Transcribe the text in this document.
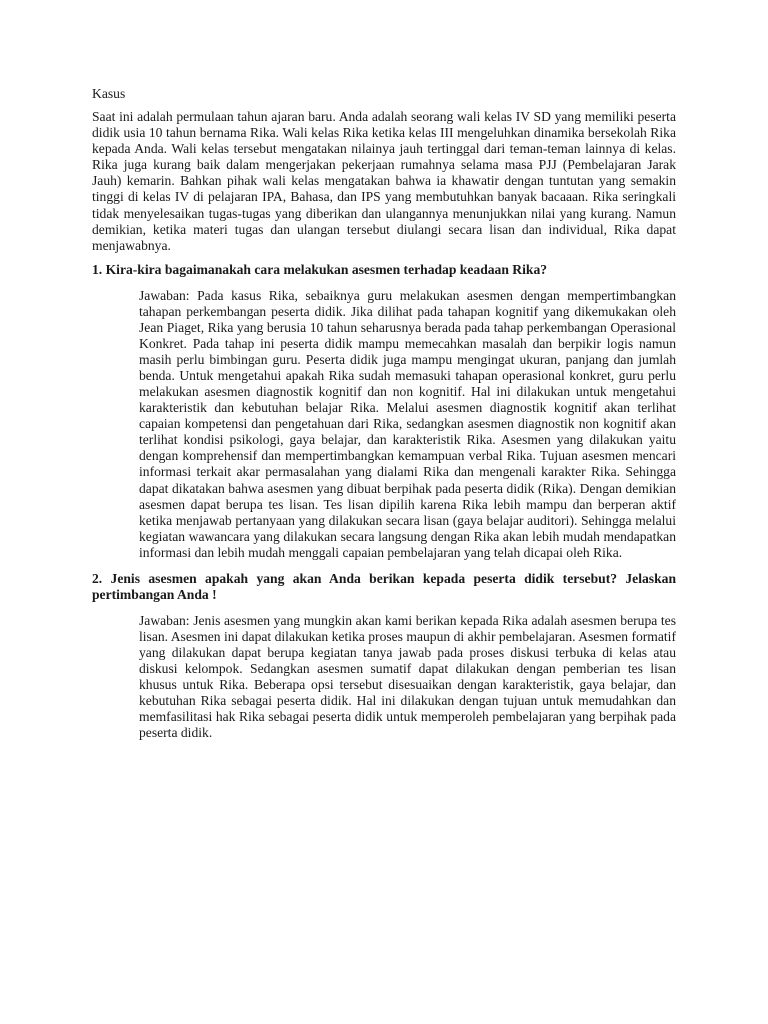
Kasus

Saat ini adalah permulaan tahun ajaran baru. Anda adalah seorang wali kelas IV SD yang memiliki peserta didik usia 10 tahun bernama Rika. Wali kelas Rika ketika kelas III mengeluhkan dinamika bersekolah Rika kepada Anda. Wali kelas tersebut mengatakan nilainya jauh tertinggal dari teman-teman lainnya di kelas. Rika juga kurang baik dalam mengerjakan pekerjaan rumahnya selama masa PJJ (Pembelajaran Jarak Jauh) kemarin. Bahkan pihak wali kelas mengatakan bahwa ia khawatir dengan tuntutan yang semakin tinggi di kelas IV di pelajaran IPA, Bahasa, dan IPS yang membutuhkan banyak bacaaan. Rika seringkali tidak menyelesaikan tugas-tugas yang diberikan dan ulangannya menunjukkan nilai yang kurang. Namun demikian, ketika materi tugas dan ulangan tersebut diulangi secara lisan dan individual, Rika dapat menjawabnya.

1. Kira-kira bagaimanakah cara melakukan asesmen terhadap keadaan Rika?

Jawaban: Pada kasus Rika, sebaiknya guru melakukan asesmen dengan mempertimbangkan tahapan perkembangan peserta didik. Jika dilihat pada tahapan kognitif yang dikemukakan oleh Jean Piaget, Rika yang berusia 10 tahun seharusnya berada pada tahap perkembangan Operasional Konkret. Pada tahap ini peserta didik mampu memecahkan masalah dan berpikir logis namun masih perlu bimbingan guru. Peserta didik juga mampu mengingat ukuran, panjang dan jumlah benda. Untuk mengetahui apakah Rika sudah memasuki tahapan operasional konkret, guru perlu melakukan asesmen diagnostik kognitif dan non kognitif. Hal ini dilakukan untuk mengetahui karakteristik dan kebutuhan belajar Rika. Melalui asesmen diagnostik kognitif akan terlihat capaian kompetensi dan pengetahuan dari Rika, sedangkan asesmen diagnostik non kognitif akan terlihat kondisi psikologi, gaya belajar, dan karakteristik Rika. Asesmen yang dilakukan yaitu dengan komprehensif dan mempertimbangkan kemampuan verbal Rika. Tujuan asesmen mencari informasi terkait akar permasalahan yang dialami Rika dan mengenali karakter Rika. Sehingga dapat dikatakan bahwa asesmen yang dibuat berpihak pada peserta didik (Rika). Dengan demikian asesmen dapat berupa tes lisan. Tes lisan dipilih karena Rika lebih mampu dan berperan aktif ketika menjawab pertanyaan yang dilakukan secara lisan (gaya belajar auditori). Sehingga melalui kegiatan wawancara yang dilakukan secara langsung dengan Rika akan lebih mudah mendapatkan informasi dan lebih mudah menggali capaian pembelajaran yang telah dicapai oleh Rika.

2. Jenis asesmen apakah yang akan Anda berikan kepada peserta didik tersebut? Jelaskan pertimbangan Anda !

Jawaban: Jenis asesmen yang mungkin akan kami berikan kepada Rika adalah asesmen berupa tes lisan. Asesmen ini dapat dilakukan ketika proses maupun di akhir pembelajaran. Asesmen formatif yang dilakukan dapat berupa kegiatan tanya jawab pada proses diskusi terbuka di kelas atau diskusi kelompok. Sedangkan asesmen sumatif dapat dilakukan dengan pemberian tes lisan khusus untuk Rika. Beberapa opsi tersebut disesuaikan dengan karakteristik, gaya belajar, dan kebutuhan Rika sebagai peserta didik. Hal ini dilakukan dengan tujuan untuk memudahkan dan memfasilitasi hak Rika sebagai peserta didik untuk memperoleh pembelajaran yang berpihak pada peserta didik.
